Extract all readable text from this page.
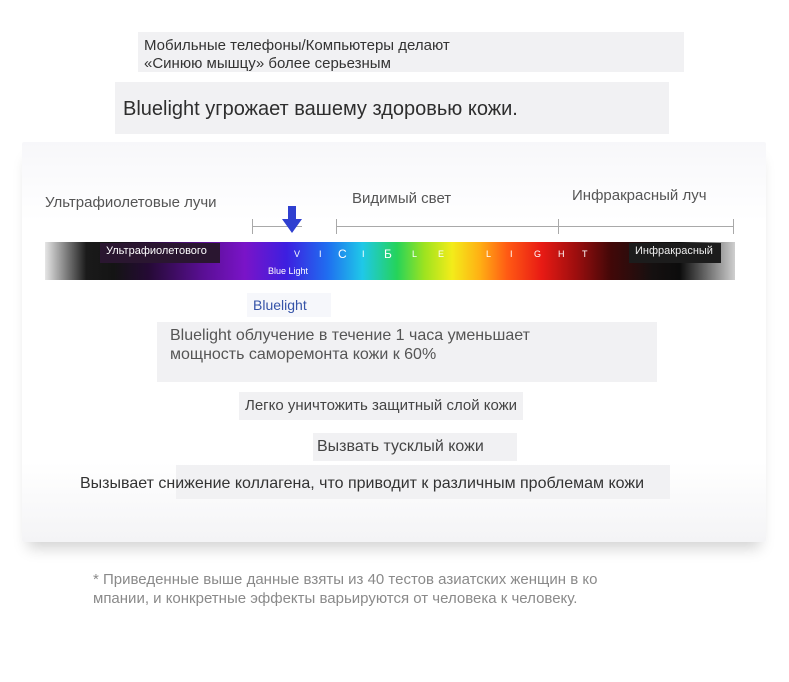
Мобильные телефоны/Компьютеры делают
«Синюю мышцу» более серьезным
Bluelight угрожает вашему здоровью кожи.
Ультрафиолетовые лучи	Видимый свет	Инфракрасный луч
Ультрафиолетового	Инфракрасный
V I С І Б L E	L I G Н Т
Blue Light
Bluelight
Bluelight облучение в течение 1 часа уменьшает
мощность саморемонта кожи к 60%
Легко уничтожить защитный слой кожи
Вызвать тусклый кожи
Вызывает снижение коллагена, что приводит к различным проблемам кожи
* Приведенные выше данные взяты из 40 тестов азиатских женщин в ко
мпании, и конкретные эффекты варьируются от человека к человеку.
